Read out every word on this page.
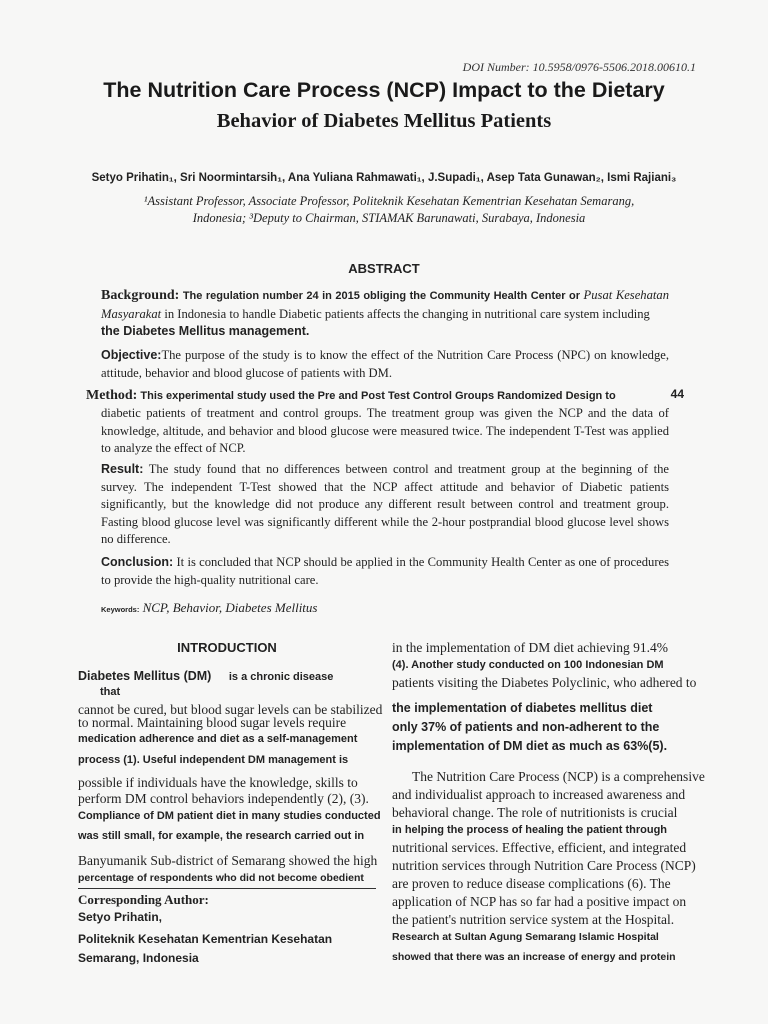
DOI Number: 10.5958/0976-5506.2018.00610.1
The Nutrition Care Process (NCP) Impact to the Dietary
Behavior of Diabetes Mellitus Patients
Setyo Prihatin₁, Sri Noormintarsih₁, Ana Yuliana Rahmawati₁, J.Supadi₁, Asep Tata Gunawan₂, Ismi Rajiani₃
¹Assistant Professor, Associate Professor, Politeknik Kesehatan Kementrian Kesehatan Semarang,
Indonesia; ³Deputy to Chairman, STIAMAK Barunawati, Surabaya, Indonesia
ABSTRACT
Background: The regulation number 24 in 2015 obliging the Community Health Center or Pusat Kesehatan Masyarakat in Indonesia to handle Diabetic patients affects the changing in nutritional care system including
the Diabetes Mellitus management.
Objective:The purpose of the study is to know the effect of the Nutrition Care Process (NPC) on knowledge, attitude, behavior and blood glucose of patients with DM.
Method: This experimental study used the Pre and Post Test Control Groups Randomized Design to	44
diabetic patients of treatment and control groups. The treatment group was given the NCP and the data of knowledge, altitude, and behavior and blood glucose were measured twice. The independent T-Test was applied to analyze the effect of NCP.
Result: The study found that no differences between control and treatment group at the beginning of the survey. The independent T-Test showed that the NCP affect attitude and behavior of Diabetic patients significantly, but the knowledge did not produce any different result between control and treatment group. Fasting blood glucose level was significantly different while the 2-hour postprandial blood glucose level shows no difference.
Conclusion: It is concluded that NCP should be applied in the Community Health Center as one of procedures to provide the high-quality nutritional care.
Keywords: NCP, Behavior, Diabetes Mellitus
INTRODUCTION
Diabetes Mellitus (DM) is a chronic disease
that
cannot be cured, but blood sugar levels can be stabilized
to normal. Maintaining blood sugar levels require
medication adherence and diet as a self-management
process (1). Useful independent DM management is
possible if individuals have the knowledge, skills to
perform DM control behaviors independently (2), (3).
Compliance of DM patient diet in many studies conducted
was still small, for example, the research carried out in
Banyumanik Sub-district of Semarang showed the high
percentage of respondents who did not become obedient
Corresponding Author:
Setyo Prihatin,
Politeknik Kesehatan Kementrian Kesehatan
Semarang, Indonesia
in the implementation of DM diet achieving 91.4%
(4). Another study conducted on 100 Indonesian DM
patients visiting the Diabetes Polyclinic, who adhered to
the implementation of diabetes mellitus diet
only 37% of patients and non-adherent to the
implementation of DM diet as much as 63%(5).
The Nutrition Care Process (NCP) is a comprehensive
and individualist approach to increased awareness and
behavioral change. The role of nutritionists is crucial
in helping the process of healing the patient through
nutritional services. Effective, efficient, and integrated
nutrition services through Nutrition Care Process (NCP)
are proven to reduce disease complications (6). The
application of NCP has so far had a positive impact on
the patient's nutrition service system at the Hospital.
Research at Sultan Agung Semarang Islamic Hospital
showed that there was an increase of energy and protein
